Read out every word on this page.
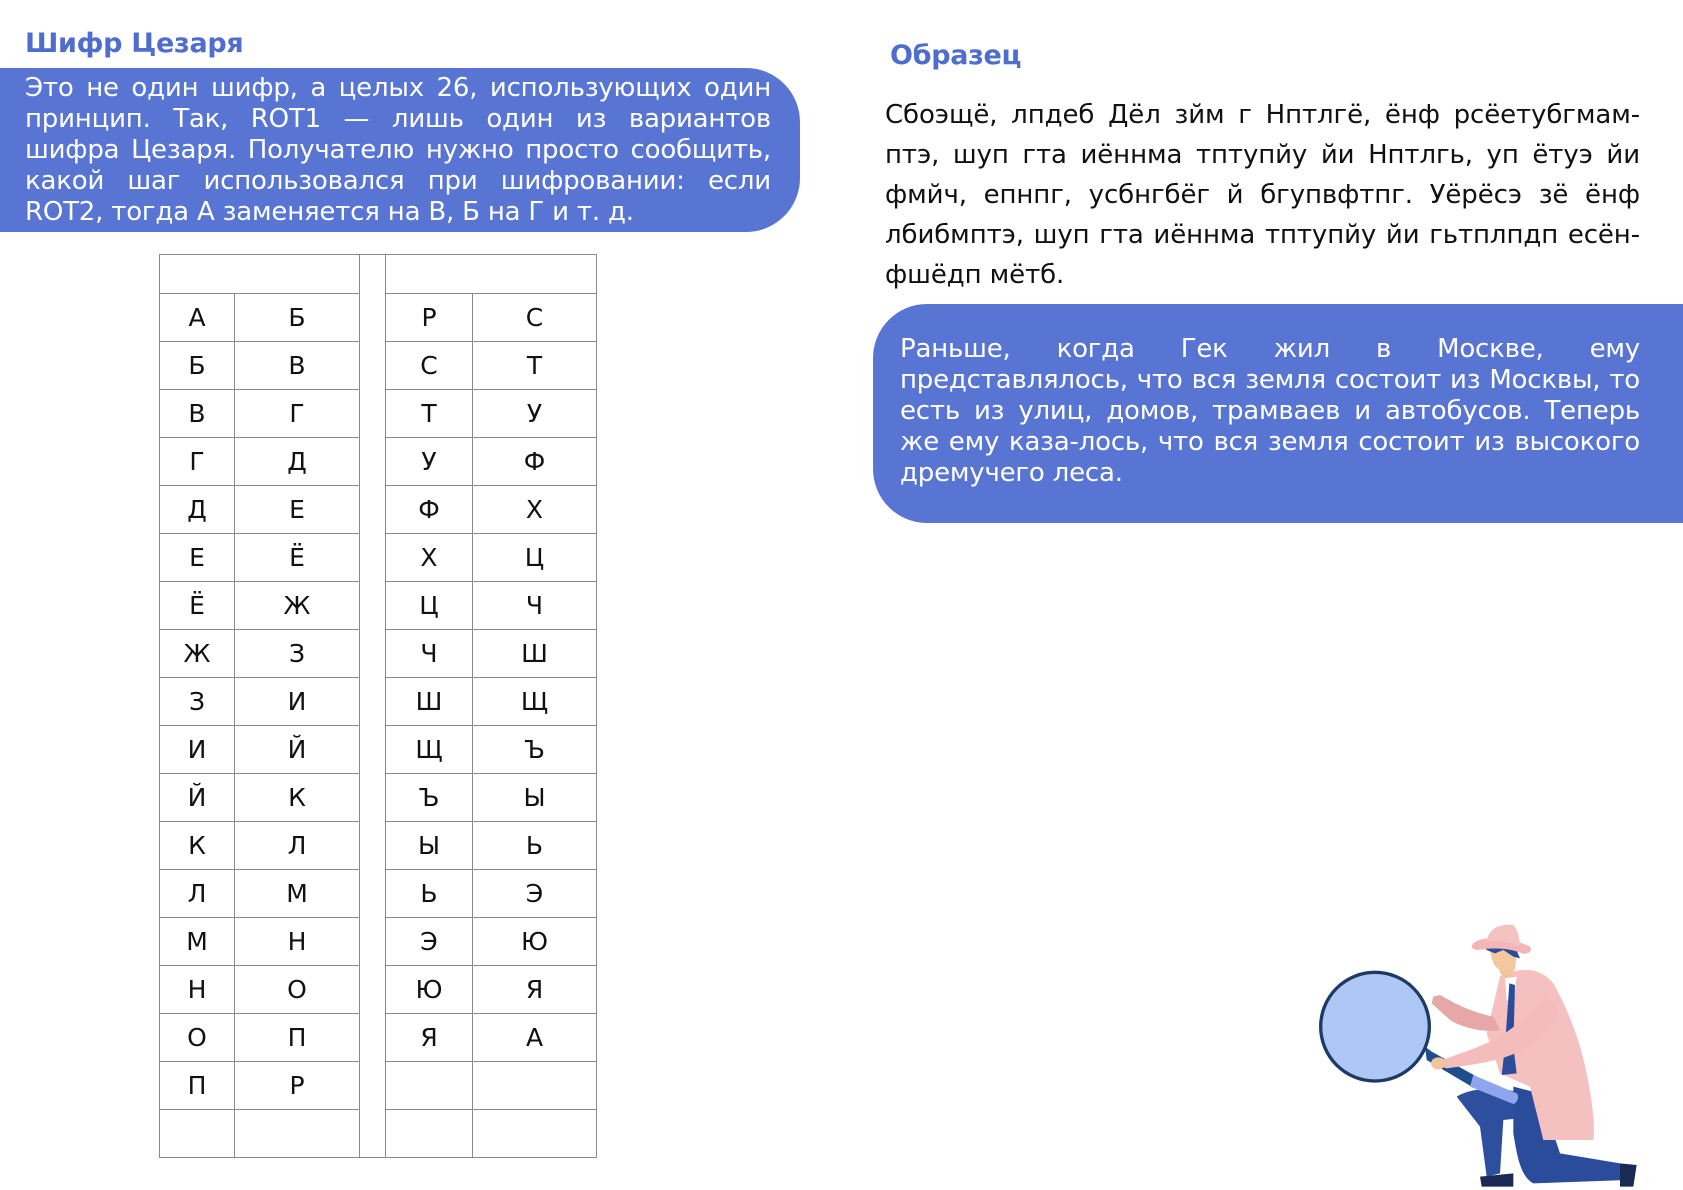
Шифр Цезаря

Это не один шифр, а целых 26, использующих один принцип. Так, ROT1 — лишь один из вариантов шифра Цезаря. Получателю нужно просто сообщить, какой шаг использовался при шифровании: если ROT2, тогда А заменяется на В, Б на Г и т. д.

А	Б		Р	С
Б	В		С	Т
В	Г		Т	У
Г	Д		У	Ф
Д	Е		Ф	Х
Е	Ё		Х	Ц
Ё	Ж		Ц	Ч
Ж	З		Ч	Ш
З	И		Ш	Щ
И	Й		Щ	Ъ
Й	К		Ъ	Ы
К	Л		Ы	Ь
Л	М		Ь	Э
М	Н		Э	Ю
Н	О		Ю	Я
О	П		Я	А
П	Р			

Образец

Сбоэщё, лпдеб Дёл зйм г Нптлгё, ёнф рсёетубгмам-птэ, шуп гта иённма тптупйу йи Нптлгь, уп ётуэ йи фмйч, епнпг, усбнгбёг й бгупвфтпг. Уёрёсэ зё ёнф лбибмптэ, шуп гта иённма тптупйу йи гьтплпдп есён-фшёдп мётб.

Раньше, когда Гек жил в Москве, ему представлялось, что вся земля состоит из Москвы, то есть из улиц, домов, трамваев и автобусов. Теперь же ему каза-лось, что вся земля состоит из высокого дремучего леса.
